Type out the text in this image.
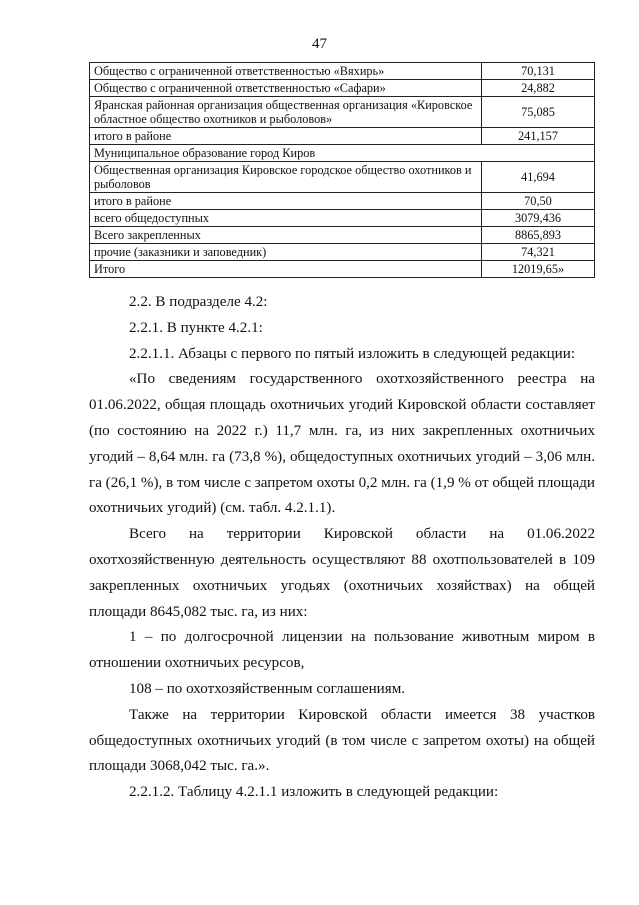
47
Общество с ограниченной ответственностью «Вяхирь»	70,131
Общество с ограниченной ответственностью «Сафари»	24,882
Яранская районная организация общественная организация «Кировское областное общество охотников и рыболовов»	75,085
итого в районе	241,157
Муниципальное образование город Киров	
Общественная организация Кировское городское общество охотников и рыболовов	41,694
итого в районе	70,50
всего общедоступных	3079,436
Всего закрепленных	8865,893
прочие (заказники и заповедник)	74,321
Итого	12019,65»

2.2. В подразделе 4.2:

2.2.1. В пункте 4.2.1:

2.2.1.1. Абзацы с первого по пятый изложить в следующей редакции:

«По сведениям государственного охотхозяйственного реестра на 01.06.2022, общая площадь охотничьих угодий Кировской области составляет (по состоянию на 2022 г.) 11,7 млн. га, из них закрепленных охотничьих угодий – 8,64 млн. га (73,8 %), общедоступных охотничьих угодий – 3,06 млн. га (26,1 %), в том числе с запретом охоты 0,2 млн. га (1,9 % от общей площади охотничьих угодий) (см. табл. 4.2.1.1).

Всего на территории Кировской области на 01.06.2022 охотхозяйственную деятельность осуществляют 88 охотпользователей в 109 закрепленных охотничьих угодьях (охотничьих хозяйствах) на общей площади 8645,082 тыс. га, из них:

1 – по долгосрочной лицензии на пользование животным миром в отношении охотничьих ресурсов,

108 – по охотхозяйственным соглашениям.

Также на территории Кировской области имеется 38 участков общедоступных охотничьих угодий (в том числе с запретом охоты) на общей площади 3068,042 тыс. га.».

2.2.1.2. Таблицу 4.2.1.1 изложить в следующей редакции:
